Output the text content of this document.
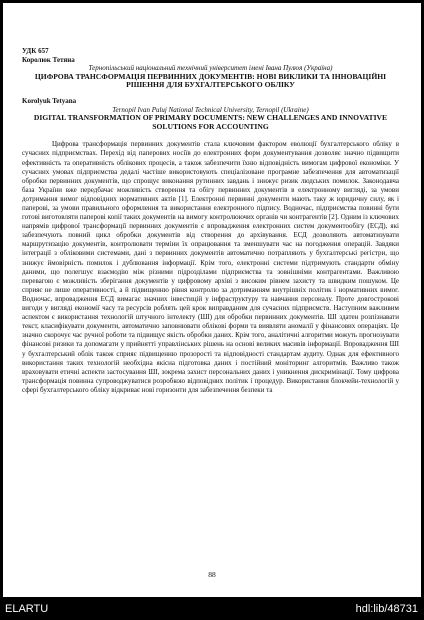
УДК 657
Королюк Тетяна
Тернопільський національний технічний університет імені Івана Пулюя (Україна)
ЦИФРОВА ТРАНСФОРМАЦІЯ ПЕРВИННИХ ДОКУМЕНТІВ: НОВІ ВИКЛИКИ ТА ІННОВАЦІЙНІ РІШЕННЯ ДЛЯ БУХГАЛТЕРСЬКОГО ОБЛІКУ
Korolyuk Tetyana
Ternopil Ivan Puluj National Technical University, Ternopil (Ukraine)
DIGITAL TRANSFORMATION OF PRIMARY DOCUMENTS: NEW CHALLENGES AND INNOVATIVE SOLUTIONS FOR ACCOUNTING

Цифрова трансформація первинних документів стала ключовим фактором еволюції бухгалтерського обліку в сучасних підприємствах. Перехід від паперових носіїв до електронних форм документування дозволяє значно підвищити ефективність та оперативність облікових процесів, а також забезпечити їхню відповідність вимогам цифрової економіки. У сучасних умовах підприємства дедалі частіше використовують спеціалізоване програмне забезпечення для автоматизації обробки первинних документів, що спрощує виконання рутинних завдань і знижує ризик людських помилок. Законодавча база України вже передбачає можливість створення та обігу первинних документів в електронному вигляді, за умови дотримання вимог відповідних нормативних актів [1]. Електронні первинні документи мають таку ж юридичну силу, як і паперові, за умови правильного оформлення та використання електронного підпису. Водночас, підприємства повинні бути готові виготовляти паперові копії таких документів на вимогу контролюючих органів чи контрагентів [2]. Одним із ключових напрямів цифрової трансформації первинних документів є впровадження електронних систем документообігу (ЕСД), які забезпечують повний цикл обробки документів від створення до архівування. ЕСД дозволяють автоматизувати маршрутизацію документів, контролювати терміни їх опрацювання та зменшувати час на погодження операцій. Завдяки інтеграції з обліковими системами, дані з первинних документів автоматично потрапляють у бухгалтерські регістри, що знижує ймовірність помилок і дублювання інформації. Крім того, електронні системи підтримують стандарти обміну даними, що полегшує взаємодію між різними підрозділами підприємства та зовнішніми контрагентами. Важливою перевагою є можливість зберігання документів у цифровому архіві з високим рівнем захисту та швидким пошуком. Це сприяє не лише оперативності, а й підвищенню рівня контролю за дотриманням внутрішніх політик і нормативних вимог. Водночас, впровадження ЕСД вимагає значних інвестицій у інфраструктуру та навчання персоналу. Проте довгострокові вигоди у вигляді економії часу та ресурсів роблять цей крок виправданим для сучасних підприємств. Наступним важливим аспектом є використання технологій штучного інтелекту (ШІ) для обробки первинних документів. ШІ здатен розпізнавати текст, класифікувати документи, автоматично заповнювати облікові форми та виявляти аномалії у фінансових операціях. Це значно скорочує час ручної роботи та підвищує якість обробки даних. Крім того, аналітичні алгоритми можуть прогнозувати фінансові ризики та допомагати у прийнятті управлінських рішень на основі великих масивів інформації. Впровадження ШІ у бухгалтерський облік також сприяє підвищенню прозорості та відповідності стандартам аудиту. Однак для ефективного використання таких технологій необхідна якісна підготовка даних і постійний моніторинг алгоритмів. Важливо також враховувати етичні аспекти застосування ШІ, зокрема захист персональних даних і уникнення дискримінації. Тому цифрова трансформація повинна супроводжуватися розробкою відповідних політик і процедур. Використання блокчейн-технологій у сфері бухгалтерського обліку відкриває нові горизонти для забезпечення безпеки та

88
ELARTU	hdl:lib/48731
